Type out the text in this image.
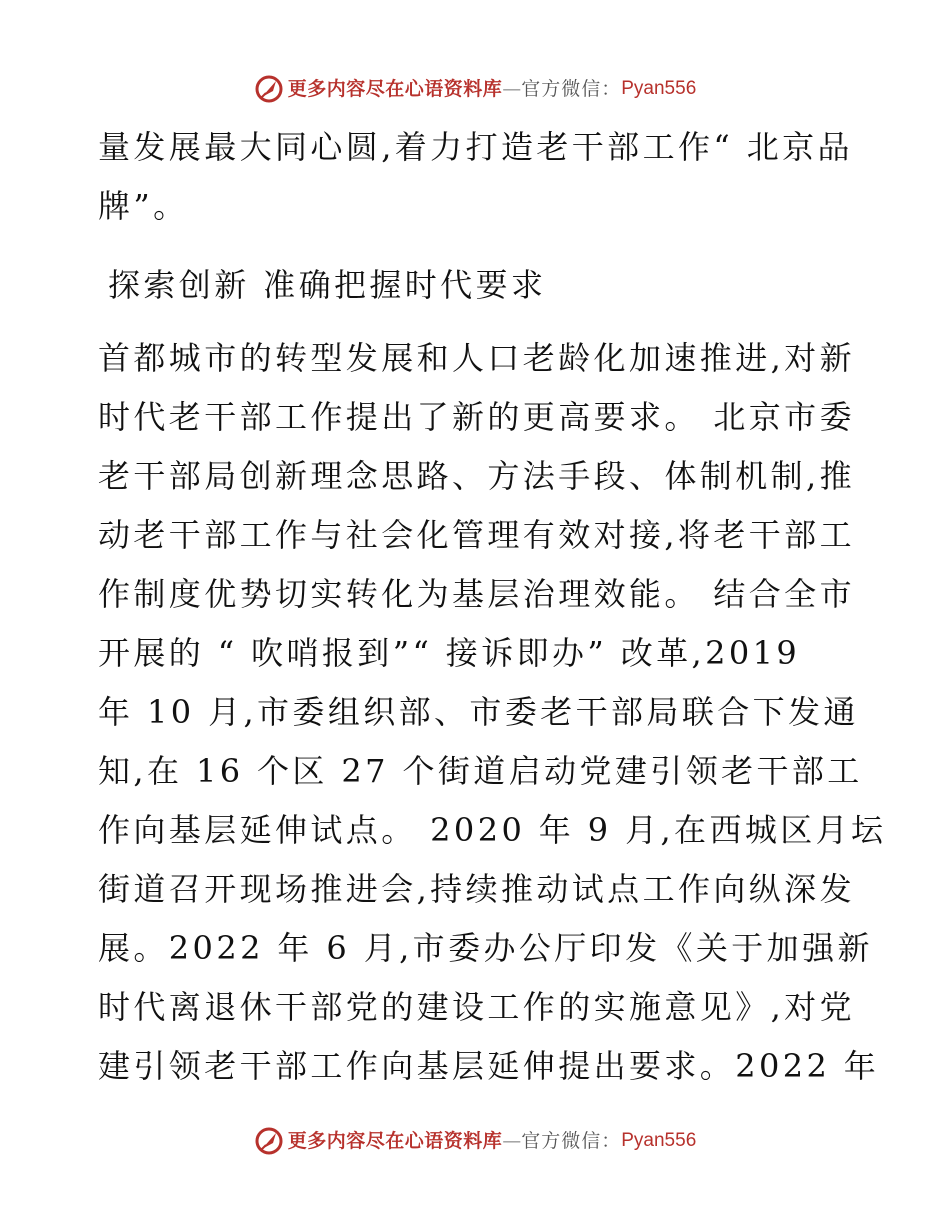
更多内容尽在心语资料库 — 官方微信： Pyan556

量发展最大同心圆,着力打造老干部工作“ 北京品
牌”。

探索创新 准确把握时代要求

首都城市的转型发展和人口老龄化加速推进,对新
时代老干部工作提出了新的更高要求。 北京市委
老干部局创新理念思路、方法手段、体制机制,推
动老干部工作与社会化管理有效对接,将老干部工
作制度优势切实转化为基层治理效能。 结合全市
开展的 “ 吹哨报到”“ 接诉即办” 改革,2019
年 10 月,市委组织部、市委老干部局联合下发通
知,在 16 个区 27 个街道启动党建引领老干部工
作向基层延伸试点。 2020 年 9 月,在西城区月坛
街道召开现场推进会,持续推动试点工作向纵深发
展。2022 年 6 月,市委办公厅印发《关于加强新
时代离退休干部党的建设工作的实施意见》,对党
建引领老干部工作向基层延伸提出要求。2022 年

更多内容尽在心语资料库 — 官方微信： Pyan556
